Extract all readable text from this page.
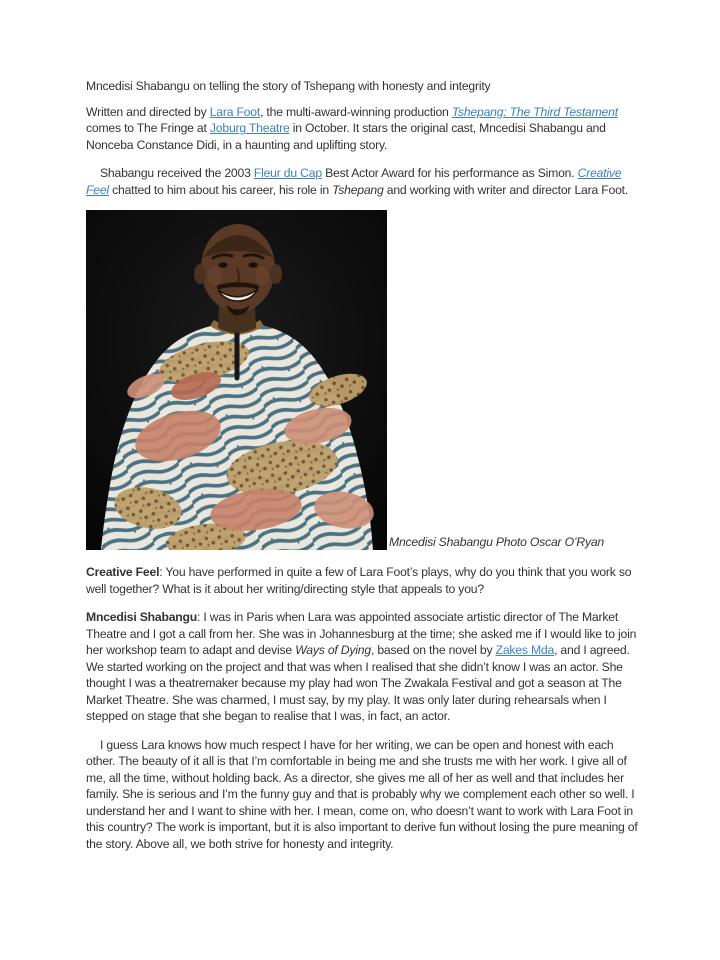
Mncedisi Shabangu on telling the story of Tshepang with honesty and integrity

Written and directed by Lara Foot, the multi-award-winning production Tshepang: The Third Testament comes to The Fringe at Joburg Theatre in October. It stars the original cast, Mncedisi Shabangu and Nonceba Constance Didi, in a haunting and uplifting story.

Shabangu received the 2003 Fleur du Cap Best Actor Award for his performance as Simon. Creative Feel chatted to him about his career, his role in Tshepang and working with writer and director Lara Foot.

Mncedisi Shabangu Photo Oscar O’Ryan

Creative Feel: You have performed in quite a few of Lara Foot’s plays, why do you think that you work so well together? What is it about her writing/directing style that appeals to you?

Mncedisi Shabangu: I was in Paris when Lara was appointed associate artistic director of The Market Theatre and I got a call from her. She was in Johannesburg at the time; she asked me if I would like to join her workshop team to adapt and devise Ways of Dying, based on the novel by Zakes Mda, and I agreed. We started working on the project and that was when I realised that she didn’t know I was an actor. She thought I was a theatremaker because my play had won The Zwakala Festival and got a season at The Market Theatre. She was charmed, I must say, by my play. It was only later during rehearsals when I stepped on stage that she began to realise that I was, in fact, an actor.

I guess Lara knows how much respect I have for her writing, we can be open and honest with each other. The beauty of it all is that I’m comfortable in being me and she trusts me with her work. I give all of me, all the time, without holding back. As a director, she gives me all of her as well and that includes her family. She is serious and I’m the funny guy and that is probably why we complement each other so well. I understand her and I want to shine with her. I mean, come on, who doesn’t want to work with Lara Foot in this country? The work is important, but it is also important to derive fun without losing the pure meaning of the story. Above all, we both strive for honesty and integrity.
